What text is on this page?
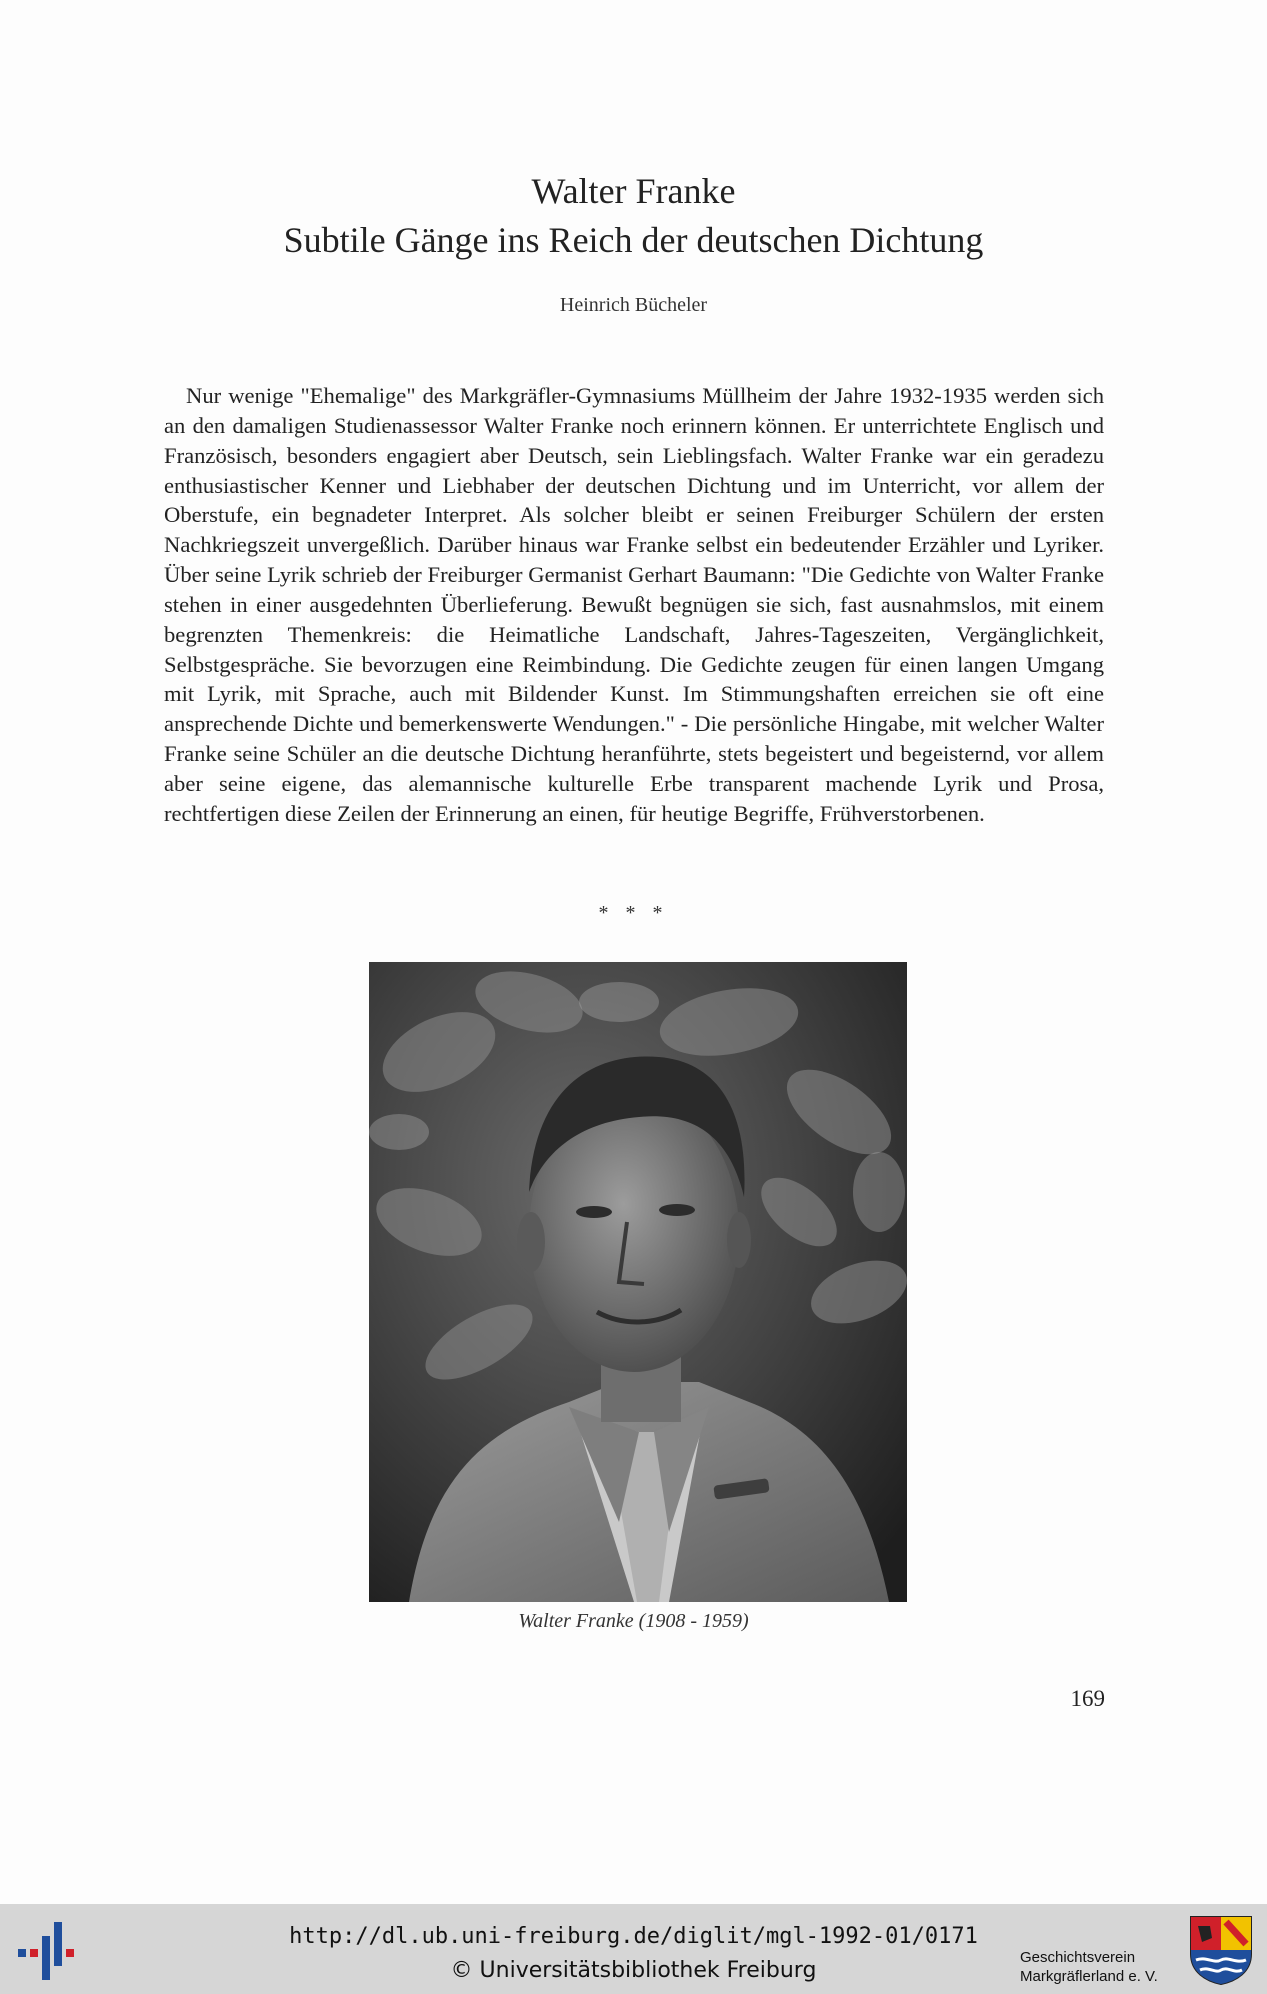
Walter Franke
Subtile Gänge ins Reich der deutschen Dichtung
Heinrich Bücheler

Nur wenige "Ehemalige" des Markgräfler-Gymnasiums Müllheim der Jahre 1932-1935 werden sich an den damaligen Studienassessor Walter Franke noch erinnern können. Er unterrichtete Englisch und Französisch, besonders engagiert aber Deutsch, sein Lieblingsfach. Walter Franke war ein geradezu enthusiastischer Kenner und Liebhaber der deutschen Dichtung und im Unterricht, vor allem der Oberstufe, ein begnadeter Interpret. Als solcher bleibt er seinen Freiburger Schülern der ersten Nachkriegszeit unvergeßlich. Darüber hinaus war Franke selbst ein bedeutender Erzähler und Lyriker. Über seine Lyrik schrieb der Freiburger Germanist Gerhart Baumann: "Die Gedichte von Walter Franke stehen in einer ausgedehnten Überlieferung. Bewußt begnügen sie sich, fast ausnahmslos, mit einem begrenzten Themenkreis: die Heimatliche Landschaft, Jahres-Tageszeiten, Vergänglichkeit, Selbstgespräche. Sie bevorzugen eine Reimbindung. Die Gedichte zeugen für einen langen Umgang mit Lyrik, mit Sprache, auch mit Bildender Kunst. Im Stimmungshaften erreichen sie oft eine ansprechende Dichte und bemerkenswerte Wendungen." - Die persönliche Hingabe, mit welcher Walter Franke seine Schüler an die deutsche Dichtung heranführte, stets begeistert und begeisternd, vor allem aber seine eigene, das alemannische kulturelle Erbe transparent machende Lyrik und Prosa, rechtfertigen diese Zeilen der Erinnerung an einen, für heutige Begriffe, Frühverstorbenen.

* * *
Walter Franke (1908 - 1959)
169
http://dl.ub.uni-freiburg.de/diglit/mgl-1992-01/0171
© Universitätsbibliothek Freiburg
Geschichtsverein
Markgräflerland e. V.
